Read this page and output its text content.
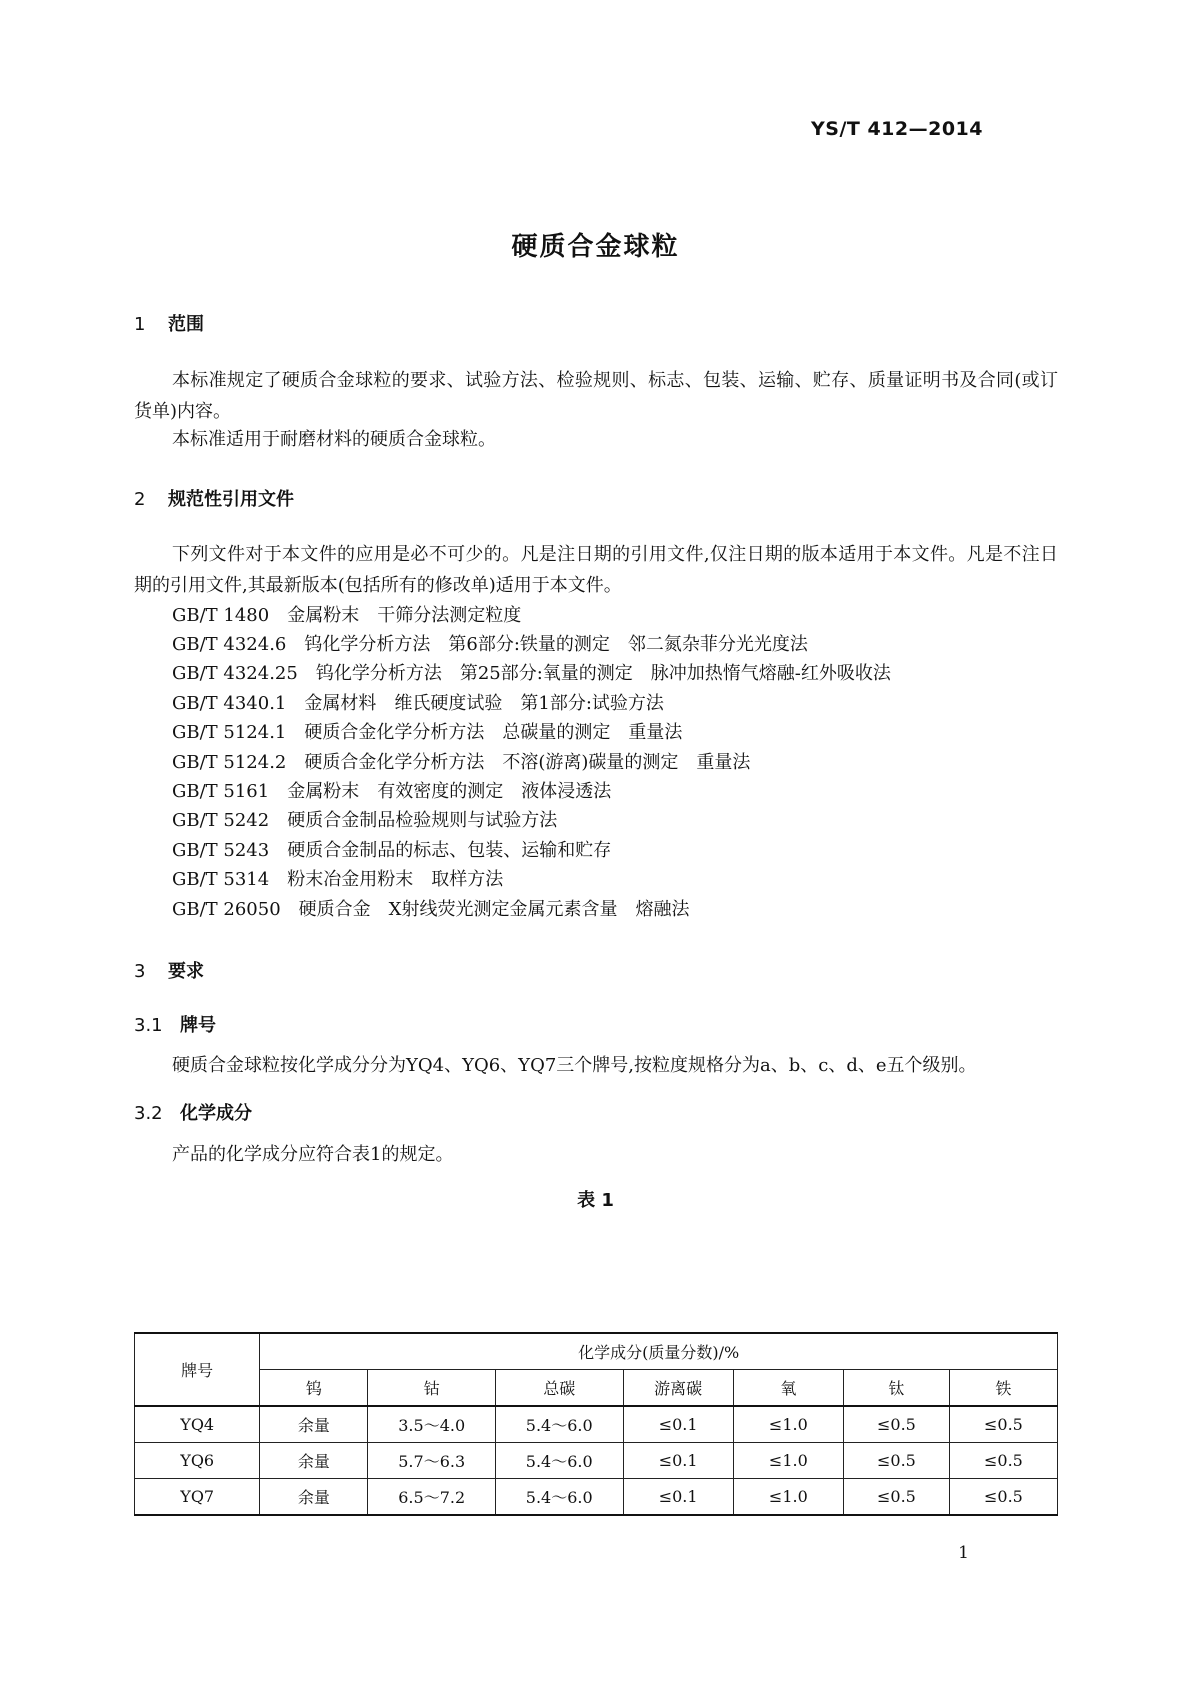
YS/T 412—2014
硬质合金球粒
1 范围
本标准规定了硬质合金球粒的要求、试验方法、检验规则、标志、包装、运输、贮存、质量证明书及合同(或订货单)内容。
本标准适用于耐磨材料的硬质合金球粒。
2 规范性引用文件
下列文件对于本文件的应用是必不可少的。凡是注日期的引用文件,仅注日期的版本适用于本文件。凡是不注日期的引用文件,其最新版本(包括所有的修改单)适用于本文件。
GB/T 1480 金属粉末　干筛分法测定粒度
GB/T 4324.6 钨化学分析方法　第6部分:铁量的测定　邻二氮杂菲分光光度法
GB/T 4324.25 钨化学分析方法　第25部分:氧量的测定　脉冲加热惰气熔融-红外吸收法
GB/T 4340.1 金属材料　维氏硬度试验　第1部分:试验方法
GB/T 5124.1 硬质合金化学分析方法　总碳量的测定　重量法
GB/T 5124.2 硬质合金化学分析方法　不溶(游离)碳量的测定　重量法
GB/T 5161 金属粉末　有效密度的测定　液体浸透法
GB/T 5242 硬质合金制品检验规则与试验方法
GB/T 5243 硬质合金制品的标志、包装、运输和贮存
GB/T 5314 粉末冶金用粉末　取样方法
GB/T 26050 硬质合金　X射线荧光测定金属元素含量　熔融法
3 要求
3.1 牌号
硬质合金球粒按化学成分分为YQ4、YQ6、YQ7三个牌号,按粒度规格分为a、b、c、d、e五个级别。
3.2 化学成分
产品的化学成分应符合表1的规定。
表 1
牌号	化学成分(质量分数)/%						
	钨	钴	总碳	游离碳	氧	钛	铁
YQ4	余量	3.5～4.0	5.4～6.0	≤0.1	≤1.0	≤0.5	≤0.5
YQ6	余量	5.7～6.3	5.4～6.0	≤0.1	≤1.0	≤0.5	≤0.5
YQ7	余量	6.5～7.2	5.4～6.0	≤0.1	≤1.0	≤0.5	≤0.5
1
